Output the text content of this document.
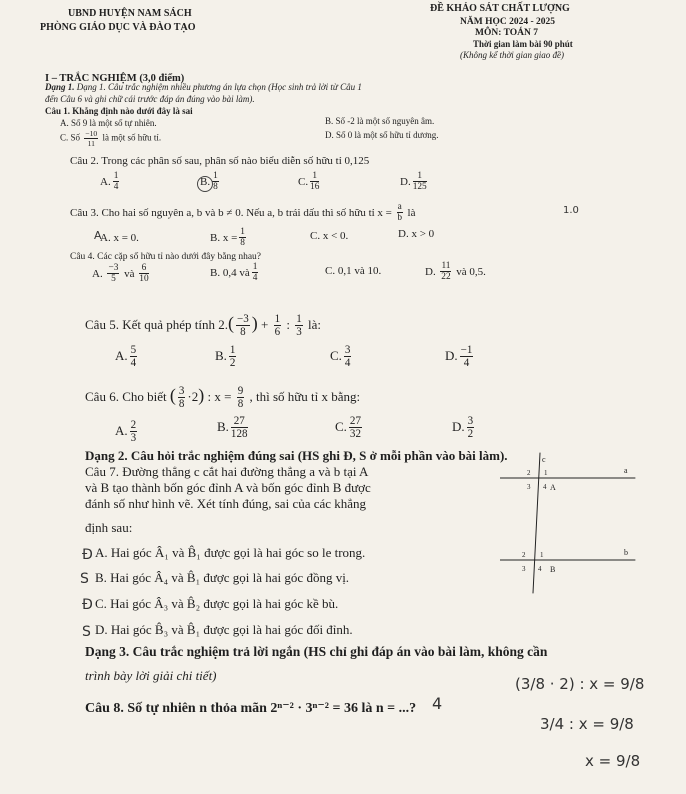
UBND HUYỆN NAM SÁCH
PHÒNG GIÁO DỤC VÀ ĐÀO TẠO
ĐỀ KHẢO SÁT CHẤT LƯỢNG
NĂM HỌC 2024 - 2025
MÔN: TOÁN 7
Thời gian làm bài 90 phút
(Không kể thời gian giao đề)
I – TRẮC NGHIỆM (3,0 điểm)
Dạng 1. Dạng 1. Câu trắc nghiệm nhiều phương án lựa chọn (Học sinh trả lời từ Câu 1
đến Câu 6 và ghi chữ cái trước đáp án đúng vào bài làm).
Câu 1. Khẳng định nào dưới đây là sai
A. Số 9 là một số tự nhiên.	B. Số -2 là một số nguyên âm.
C. Số $\frac{-10}{11}$ là một số hữu tỉ.	D. Số 0 là một số hữu tỉ dương.
Câu 2. Trong các phân số sau, phân số nào biểu diễn số hữu tỉ 0,125
A. $\frac{1}{4}$	B. $\frac{1}{8}$	C. $\frac{1}{16}$	D. $\frac{1}{125}$
Câu 3. Cho hai số nguyên a, b và b ≠ 0. Nếu a, b trái dấu thì số hữu tỉ $x = \frac{a}{b}$ là	1.0
A. x = 0.	B. $x = \frac{1}{8}$	C. x < 0.	D. x > 0
Câu 4. Các cặp số hữu tỉ nào dưới đây bằng nhau?
A. $\frac{-3}{5}$ và $\frac{6}{10}$	B. 0,4 và $\frac{1}{4}$	C. 0,1 và 10.	D. $\frac{11}{22}$ và 0,5.
Câu 5. Kết quả phép tính $2.( \frac{-3}{8}$ ) + $\frac{1}{6}$ : $\frac{1}{3}$ là:
A. $\frac{5}{4}$	B. $\frac{1}{2}$	C. $\frac{3}{4}$	D. $\frac{-1}{4}$
Câu 6. Cho biết ( $\frac{3}{8} \cdot 2$) : $x = \frac{9}{8}$ , thì số hữu tỉ x bằng:
A. $\frac{2}{3}$	B. $\frac{27}{128}$	C. $\frac{27}{32}$	D. $\frac{3}{2}$
Dạng 2. Câu hỏi trắc nghiệm đúng sai (HS ghi Đ, S ở mỗi phần vào bài làm).
Câu 7. Đường thẳng c cắt hai đường thẳng a và b tại A
và B tạo thành bốn góc đỉnh A và bốn góc đỉnh B được
đánh số như hình vẽ. Xét tính đúng, sai của các khẳng
định sau:
A. Hai góc Â₁ và B̂₁ được gọi là hai góc so le trong.
B. Hai góc Â₄ và B̂₁ được gọi là hai góc đồng vị.
C. Hai góc Â₃ và B̂₂ được gọi là hai góc kề bù.
D. Hai góc B̂₃ và B̂₁ được gọi là hai góc đối đỉnh.
Đ
S
Đ
S
c
a
b
A
B
2 1
3 4
2 1
3 4
Dạng 3. Câu trắc nghiệm trả lời ngắn (HS chỉ ghi đáp án vào bài làm, không cần
trình bày lời giải chi tiết)
Câu 8. Số tự nhiên n thỏa mãn 2ⁿ⁻² · 3ⁿ⁻² = 36 là n = ...? 4
(3/8 · 2) : x = 9/8
3/4 : x = 9/8
x = 9/8
A
